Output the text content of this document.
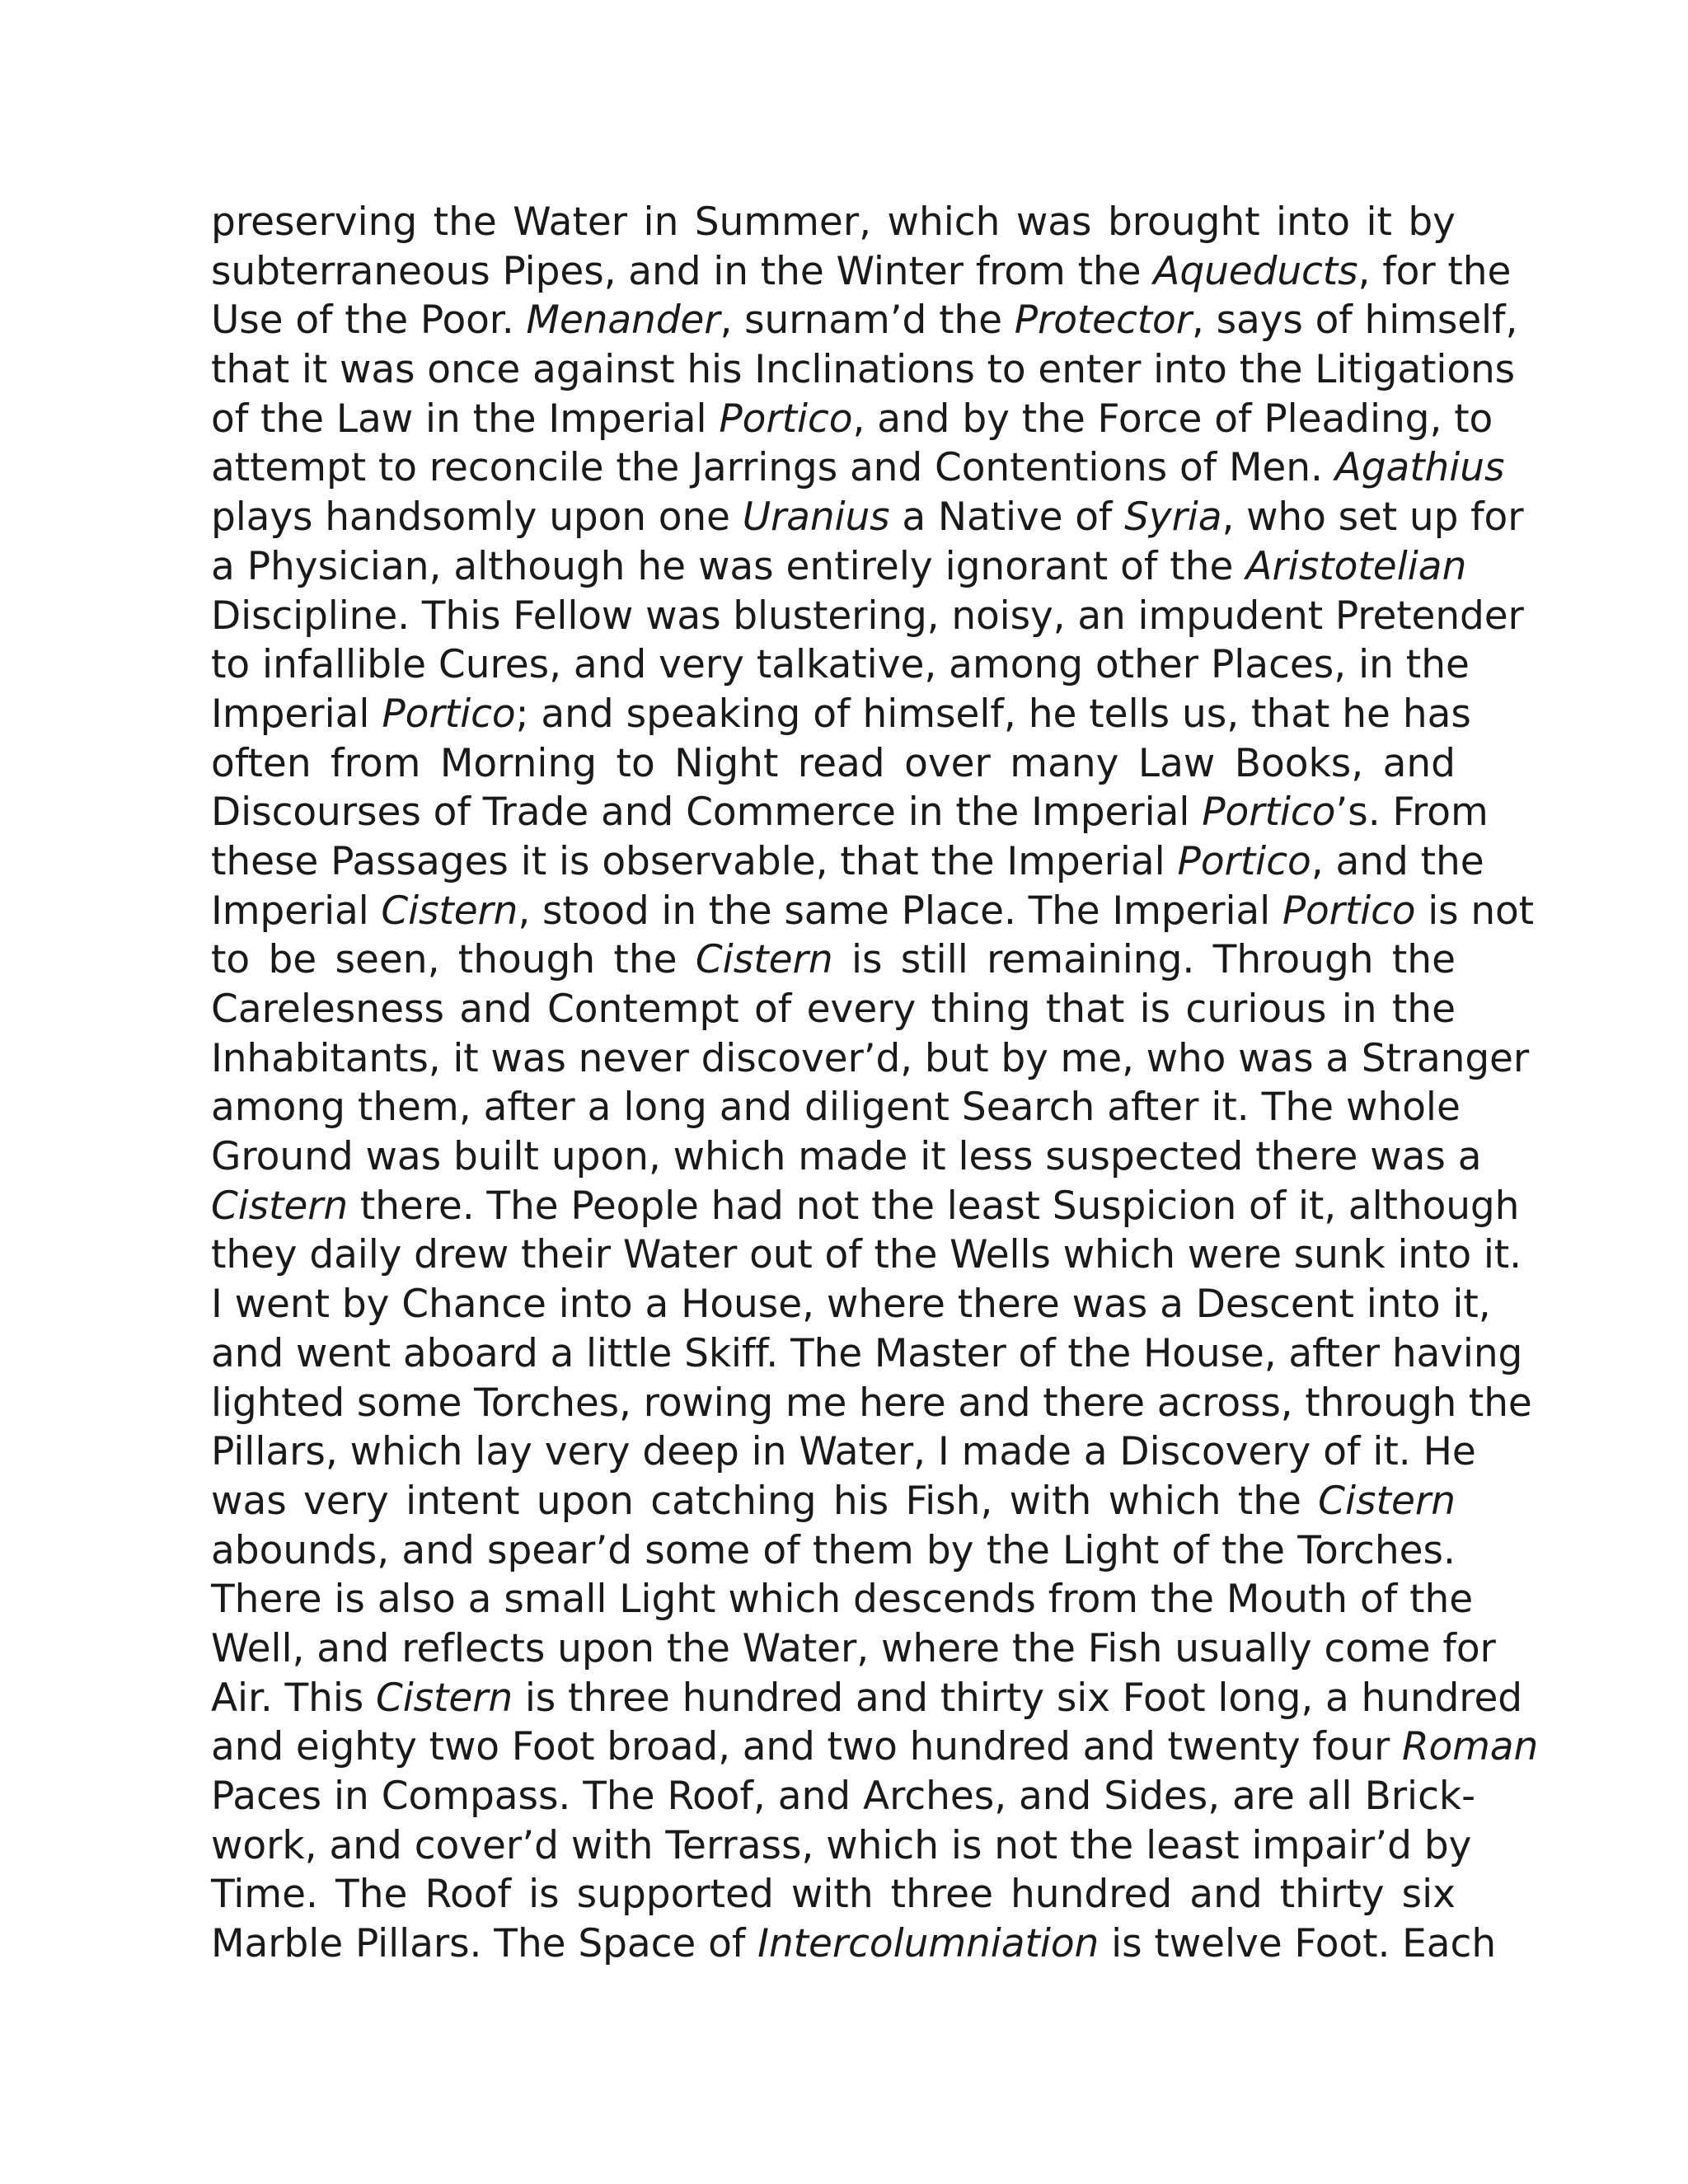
preserving the Water in Summer, which was brought into it by
subterraneous Pipes, and in the Winter from the Aqueducts, for the
Use of the Poor. Menander, surnam’d the Protector, says of himself,
that it was once against his Inclinations to enter into the Litigations
of the Law in the Imperial Portico, and by the Force of Pleading, to
attempt to reconcile the Jarrings and Contentions of Men. Agathius
plays handsomly upon one Uranius a Native of Syria, who set up for
a Physician, although he was entirely ignorant of the Aristotelian
Discipline. This Fellow was blustering, noisy, an impudent Pretender
to infallible Cures, and very talkative, among other Places, in the
Imperial Portico; and speaking of himself, he tells us, that he has
often from Morning to Night read over many Law Books, and
Discourses of Trade and Commerce in the Imperial Portico’s. From
these Passages it is observable, that the Imperial Portico, and the
Imperial Cistern, stood in the same Place. The Imperial Portico is not
to be seen, though the Cistern is still remaining. Through the
Carelesness and Contempt of every thing that is curious in the
Inhabitants, it was never discover’d, but by me, who was a Stranger
among them, after a long and diligent Search after it. The whole
Ground was built upon, which made it less suspected there was a
Cistern there. The People had not the least Suspicion of it, although
they daily drew their Water out of the Wells which were sunk into it.
I went by Chance into a House, where there was a Descent into it,
and went aboard a little Skiff. The Master of the House, after having
lighted some Torches, rowing me here and there across, through the
Pillars, which lay very deep in Water, I made a Discovery of it. He
was very intent upon catching his Fish, with which the Cistern
abounds, and spear’d some of them by the Light of the Torches.
There is also a small Light which descends from the Mouth of the
Well, and reflects upon the Water, where the Fish usually come for
Air. This Cistern is three hundred and thirty six Foot long, a hundred
and eighty two Foot broad, and two hundred and twenty four Roman
Paces in Compass. The Roof, and Arches, and Sides, are all Brick-
work, and cover’d with Terrass, which is not the least impair’d by
Time. The Roof is supported with three hundred and thirty six
Marble Pillars. The Space of Intercolumniation is twelve Foot. Each
